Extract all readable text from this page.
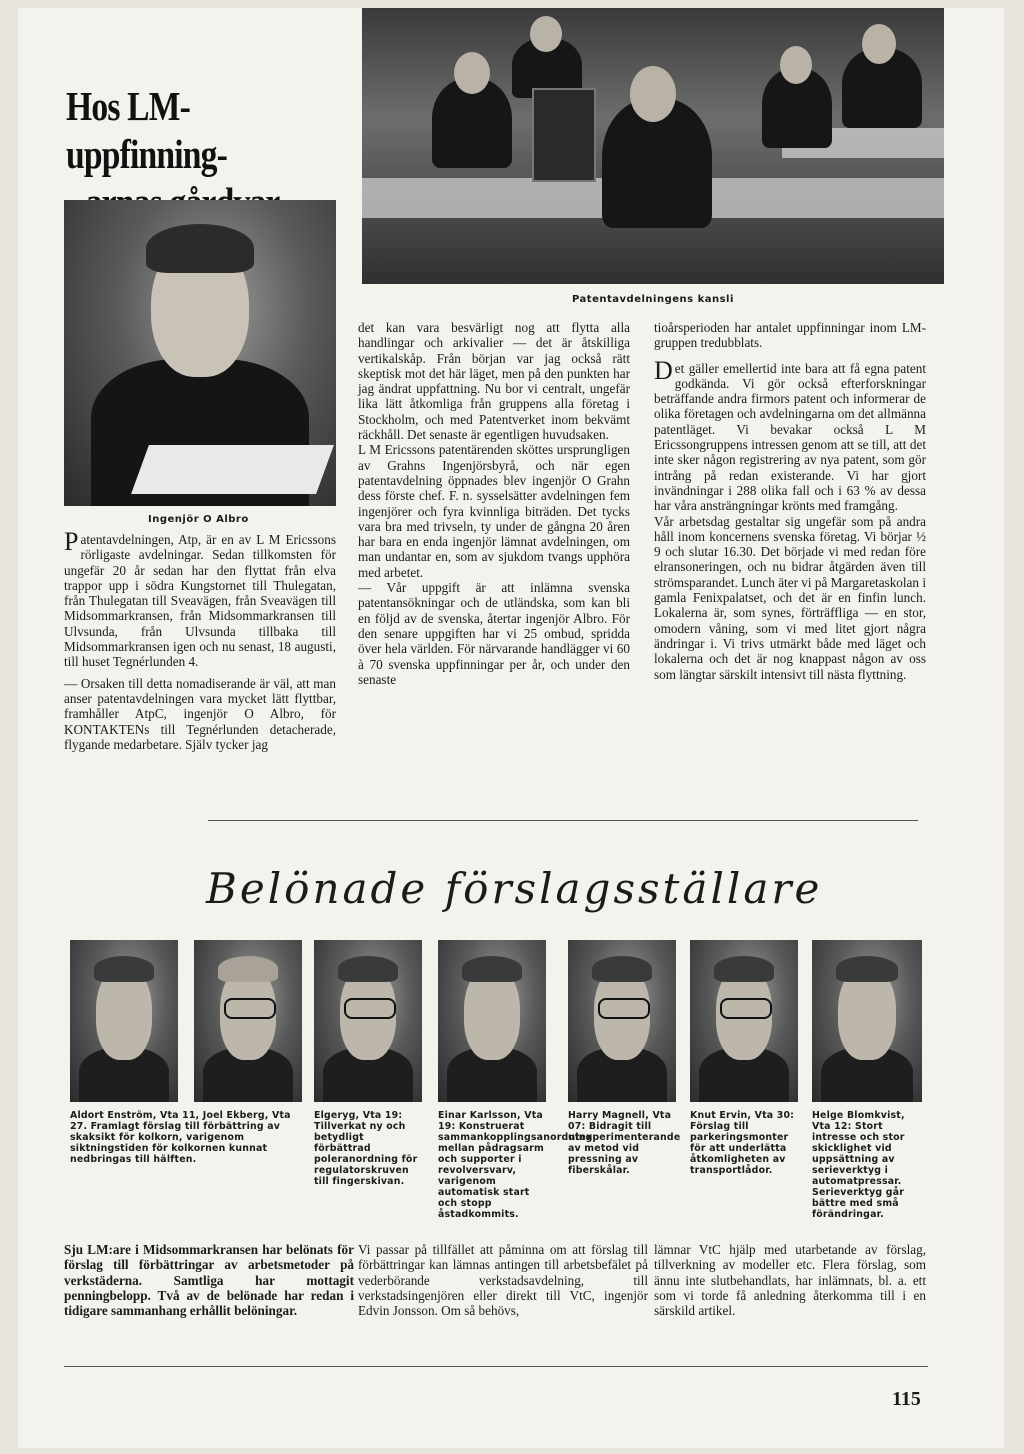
Hos LM-uppfinning-
Patentavdelningens kansli
Ingenjör O Albro

Patentavdelningen, Atp, är en av L M Ericssons rörligaste avdelningar. Sedan tillkomsten för ungefär 20 år sedan har den flyttat från elva trappor upp i södra Kungstornet till Thulegatan, från Thulegatan till Sveavägen, från Sveavägen till Midsommarkransen, från Midsommarkransen till Ulvsunda, från Ulvsunda tillbaka till Midsommarkransen igen och nu senast, 18 augusti, till huset Tegnérlunden 4.

— Orsaken till detta nomadiserande är väl, att man anser patentavdelningen vara mycket lätt flyttbar, framhåller AtpC, ingenjör O Albro, för KONTAKTENs till Tegnérlunden detacherade, flygande medarbetare. Själv tycker jag

det kan vara besvärligt nog att flytta alla handlingar och arkivalier — det är åtskilliga vertikalskåp. Från början var jag också rätt skeptisk mot det här läget, men på den punkten har jag ändrat uppfattning. Nu bor vi centralt, ungefär lika lätt åtkomliga från gruppens alla företag i Stockholm, och med Patentverket inom bekvämt räckhåll. Det senaste är egentligen huvudsaken.

L M Ericssons patentärenden sköttes ursprungligen av Grahns Ingenjörsbyrå, och när egen patentavdelning öppnades blev ingenjör O Grahn dess förste chef. F. n. sysselsätter avdelningen fem ingenjörer och fyra kvinnliga biträden. Det tycks vara bra med trivseln, ty under de gångna 20 åren har bara en enda ingenjör lämnat avdelningen, om man undantar en, som av sjukdom tvangs upphöra med arbetet.

— Vår uppgift är att inlämna svenska patentansökningar och de utländska, som kan bli en följd av de svenska, återtar ingenjör Albro. För den senare uppgiften har vi 25 ombud, spridda över hela världen. För närvarande handlägger vi 60 à 70 svenska uppfinningar per år, och under den senaste

tioårsperioden har antalet uppfinningar inom LM-gruppen tredubblats.

Det gäller emellertid inte bara att få egna patent godkända. Vi gör också efterforskningar beträffande andra firmors patent och informerar de olika företagen och avdelningarna om det allmänna patentläget. Vi bevakar också L M Ericssongruppens intressen genom att se till, att det inte sker någon registrering av nya patent, som gör intrång på redan existerande. Vi har gjort invändningar i 288 olika fall och i 63 % av dessa har våra ansträngningar krönts med framgång.

Vår arbetsdag gestaltar sig ungefär som på andra håll inom koncernens svenska företag. Vi börjar ½ 9 och slutar 16.30. Det började vi med redan före elransoneringen, och nu bidrar åtgärden även till strömsparandet. Lunch äter vi på Margaretaskolan i gamla Fenixpalatset, och det är en finfin lunch. Lokalerna är, som synes, förträffliga — en stor, omodern våning, som vi med litet gjort några ändringar i. Vi trivs utmärkt både med läget och lokalerna och det är nog knappast någon av oss som längtar särskilt intensivt till nästa flyttning.

Belönade förslagsställare
Aldort Enström, Vta 11, Joel Ekberg, Vta 27. Framlagt förslag till förbättring av skaksikt för kolkorn, varigenom siktningstiden för kolkornen kunnat nedbringas till hälften.
Elgeryg, Vta 19: Tillverkat ny och betydligt förbättrad poleranordning för regulatorskruven till fingerskivan.
Einar Karlsson, Vta 19: Konstruerat sammankopplingsanordning mellan pådragsarm och supporter i revolversvarv, varigenom automatisk start och stopp åstadkommits.
Harry Magnell, Vta 07: Bidragit till utexperimenterande av metod vid pressning av fiberskålar.
Knut Ervin, Vta 30: Förslag till parkeringsmonter för att underlätta åtkomligheten av transportlådor.
Helge Blomkvist, Vta 12: Stort intresse och stor skicklighet vid uppsättning av serieverktyg i automatpressar. Serieverktyg går bättre med små förändringar.
Sju LM:are i Midsommarkransen har belönats för förslag till förbättringar av arbetsmetoder på verkstäderna. Samtliga har mottagit penningbelopp. Två av de belönade har redan i tidigare sammanhang erhållit belöningar.
Vi passar på tillfället att påminna om att förslag till förbättringar kan lämnas antingen till arbetsbefälet på vederbörande verkstadsavdelning, till verkstadsingenjören eller direkt till VtC, ingenjör Edvin Jonsson. Om så behövs,
lämnar VtC hjälp med utarbetande av förslag, tillverkning av modeller etc. Flera förslag, som ännu inte slutbehandlats, har inlämnats, bl. a. ett som vi torde få anledning återkomma till i en särskild artikel.
115
